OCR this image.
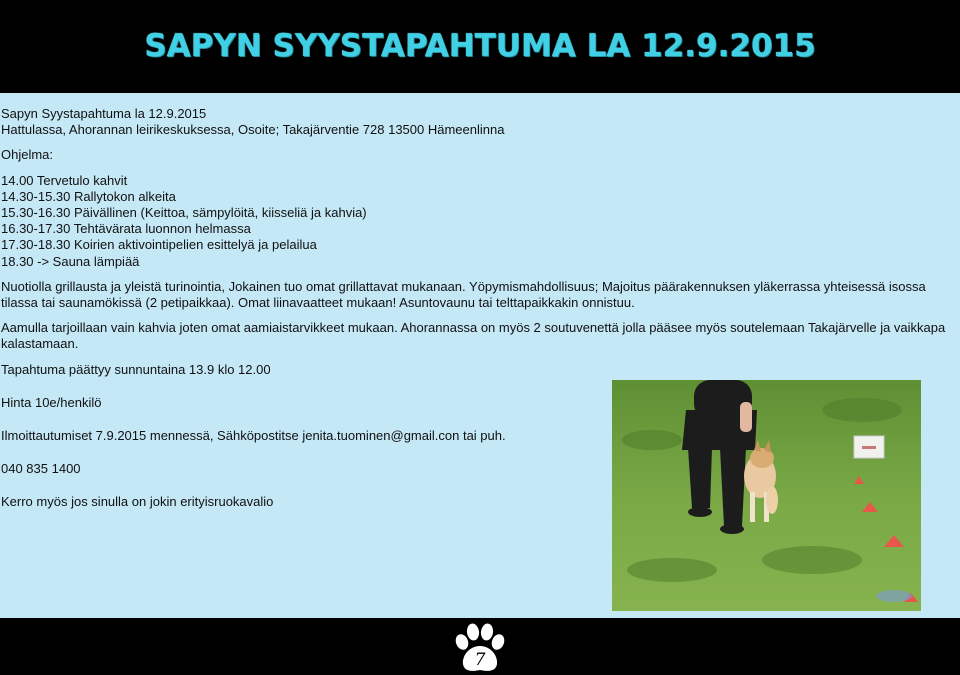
SAPYN SYYSTAPAHTUMA LA 12.9.2015

Sapyn Syystapahtuma la 12.9.2015

Hattulassa, Ahorannan leirikeskuksessa, Osoite; Takajärventie 728 13500 Hämeenlinna

Ohjelma:

14.00 Tervetulo kahvit

14.30-15.30 Rallytokon alkeita

15.30-16.30 Päivällinen (Keittoa, sämpylöitä, kiisseliä ja kahvia)

16.30-17.30 Tehtävärata luonnon helmassa

17.30-18.30 Koirien aktivointipelien esittelyä ja pelailua

18.30 -> Sauna lämpiää

Nuotiolla grillausta ja yleistä turinointia, Jokainen tuo omat grillattavat mukanaan. Yöpymismahdollisuus; Majoitus päärakennuksen yläkerrassa yhteisessä isossa tilassa tai saunamökissä (2 petipaikkaa). Omat liinavaatteet mukaan! Asuntovaunu tai telttapaikkakin onnistuu.

Aamulla tarjoillaan vain kahvia joten omat aamiaistarvikkeet mukaan. Ahorannassa on myös 2 soutuvenettä jolla pääsee myös soutelemaan Takajärvelle ja vaikkapa kalastamaan.

Tapahtuma päättyy sunnuntaina 13.9 klo 12.00

Hinta 10e/henkilö

Ilmoittautumiset 7.9.2015 mennessä, Sähköpostitse jenita.tuominen@gmail.con tai puh.

040 835 1400

Kerro myös jos sinulla on jokin erityisruokavalio

7
